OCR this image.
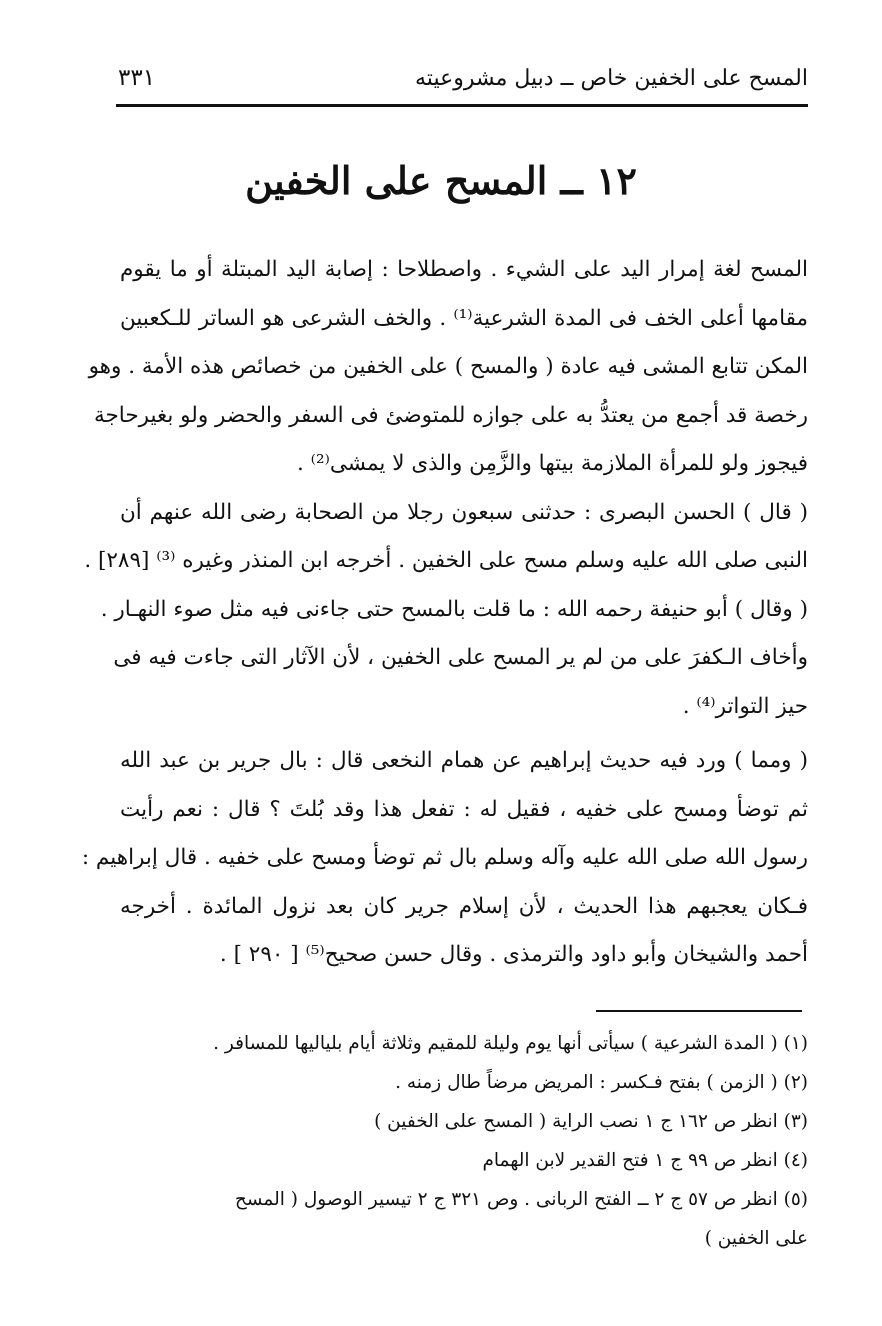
المسح على الخفين خاص ــ دبيل مشروعيته
٣٣١
١٢ ــ المسح على الخفين
المسح لغة إمرار اليد على الشيء . واصطلاحا : إصابة اليد المبتلة أو ما يقوم
مقامها أعلى الخف فى المدة الشرعية⁽¹⁾ . والخف الشرعى هو الساتر للـكعبين
المكن تتابع المشى فيه عادة ( والمسح ) على الخفين من خصائص هذه الأمة . وهو
رخصة قد أجمع من يعتدُّ به على جوازه للمتوضئ فى السفر والحضر ولو بغيرحاجة
فيجوز ولو للمرأة الملازمة بيتها والزَّمِن والذى لا يمشى⁽²⁾ .
( قال ) الحسن البصرى : حدثنى سبعون رجلا من الصحابة رضى الله عنهم أن
النبى صلى الله عليه وسلم مسح على الخفين . أخرجه ابن المنذر وغيره ⁽³⁾ [٢٨٩] .
( وقال ) أبو حنيفة رحمه الله : ما قلت بالمسح حتى جاءنى فيه مثل صوء النهـار .
وأخاف الـكفرَ على من لم ير المسح على الخفين ، لأن الآثار التى جاءت فيه فى
حيز التواتر⁽⁴⁾ .
( ومما ) ورد فيه حديث إبراهيم عن همام النخعى قال : بال جرير بن عبد الله
ثم توضأ ومسح على خفيه ، فقيل له : تفعل هذا وقد بُلتَ ؟ قال : نعم رأيت
رسول الله صلى الله عليه وآله وسلم بال ثم توضأ ومسح على خفيه . قال إبراهيم :
فـكان يعجبهم هذا الحديث ، لأن إسلام جرير كان بعد نزول المائدة . أخرجه
أحمد والشيخان وأبو داود والترمذى . وقال حسن صحيح⁽⁵⁾ [ ٢٩٠ ] .
(١) ( المدة الشرعية ) سيأتى أنها يوم وليلة للمقيم وثلاثة أيام بلياليها للمسافر .
(٢) ( الزمن ) بفتح فـكسر : المريض مرضاً طال زمنه .
(٣) انظر ص ١٦٢ ج ١ نصب الراية ( المسح على الخفين )
(٤) انظر ص ٩٩ ج ١ فتح القدير لابن الهمام
(٥) انظر ص ٥٧ ج ٢ ــ الفتح الربانى . وص ٣٢١ ج ٢ تيسير الوصول ( المسح
على الخفين )
